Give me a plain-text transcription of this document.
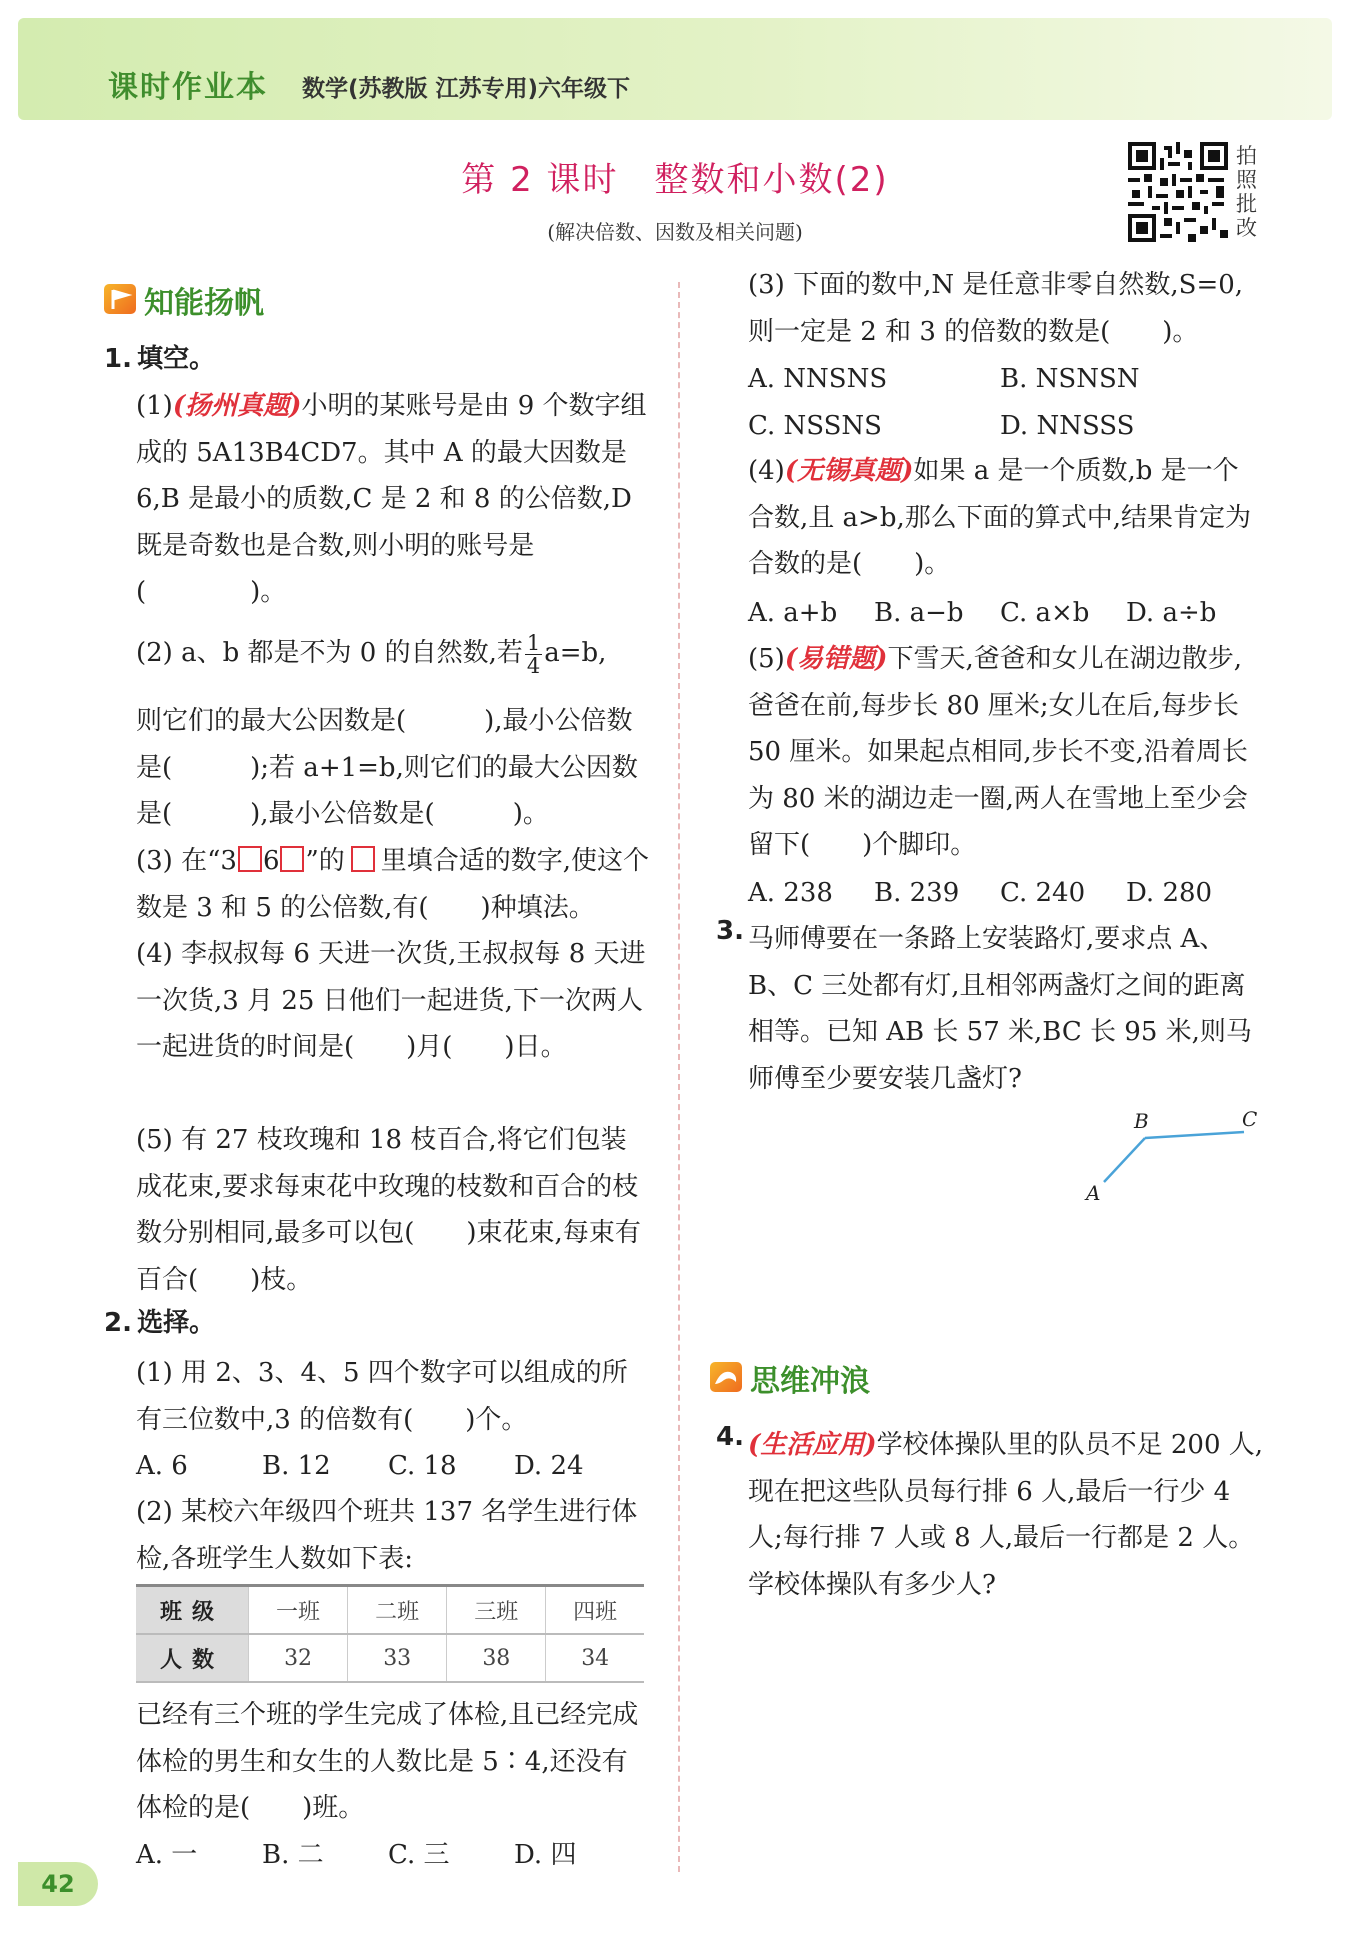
课时作业本 数学(苏教版 江苏专用)六年级下
第 2 课时　整数和小数(2)
(解决倍数、因数及相关问题)
拍照批改
知能扬帆
1. 填空。

(1)(扬州真题)小明的某账号是由 9 个数字组成的 5A13B4CD7。其中 A 的最大因数是 6,B 是最小的质数,C 是 2 和 8 的公倍数,D 既是奇数也是合数,则小明的账号是(　　　　)。

(2) a、b 都是不为 0 的自然数,若 $\frac{1}{4} a=b$,

则它们的最大公因数是(　　　),最小公倍数是(　　　);若 a+1=b,则它们的最大公因数是(　　　),最小公倍数是(　　　)。

(3) 在“3 6 ”的 里填合适的数字,使这个数是 3 和 5 的公倍数,有(　　)种填法。

(4) 李叔叔每 6 天进一次货,王叔叔每 8 天进一次货,3 月 25 日他们一起进货,下一次两人一起进货的时间是(　　)月(　　)日。

(5) 有 27 枝玫瑰和 18 枝百合,将它们包装成花束,要求每束花中玫瑰的枝数和百合的枝数分别相同,最多可以包(　　)束花束,每束有百合(　　)枝。

2. 选择。

(1) 用 2、3、4、5 四个数字可以组成的所有三位数中,3 的倍数有(　　)个。

A. 6	B. 12 C. 18 D. 24

(2) 某校六年级四个班共 137 名学生进行体检,各班学生人数如下表:

班级	一班	二班	三班	四班
人数	32	33	38	34

已经有三个班的学生完成了体检,且已经完成体检的男生和女生的人数比是 5∶4,还没有体检的是(　　)班。

A. 一 B. 二 C. 三 D. 四

(3) 下面的数中,N 是任意非零自然数,S=0,则一定是 2 和 3 的倍数的数是(　　)。

A. NNSNS	B. NSNSN
C. NSSNS	D. NNSSS

(4)(无锡真题)如果 a 是一个质数,b 是一个合数,且 a>b,那么下面的算式中,结果肯定为合数的是(　　)。

A. a+b B. a−b C. a×b D. a÷b

(5)(易错题)下雪天,爸爸和女儿在湖边散步,爸爸在前,每步长 80 厘米;女儿在后,每步长 50 厘米。如果起点相同,步长不变,沿着周长为 80 米的湖边走一圈,两人在雪地上至少会留下(　　)个脚印。

A. 238 B. 239 C. 240 D. 280
3. 马师傅要在一条路上安装路灯,要求点 A、B、C 三处都有灯,且相邻两盏灯之间的距离相等。已知 AB 长 57 米,BC 长 95 米,则马师傅至少要安装几盏灯?

A
B	C
思维冲浪
4. (生活应用)学校体操队里的队员不足 200 人,现在把这些队员每行排 6 人,最后一行少 4 人;每行排 7 人或 8 人,最后一行都是 2 人。学校体操队有多少人?

42
